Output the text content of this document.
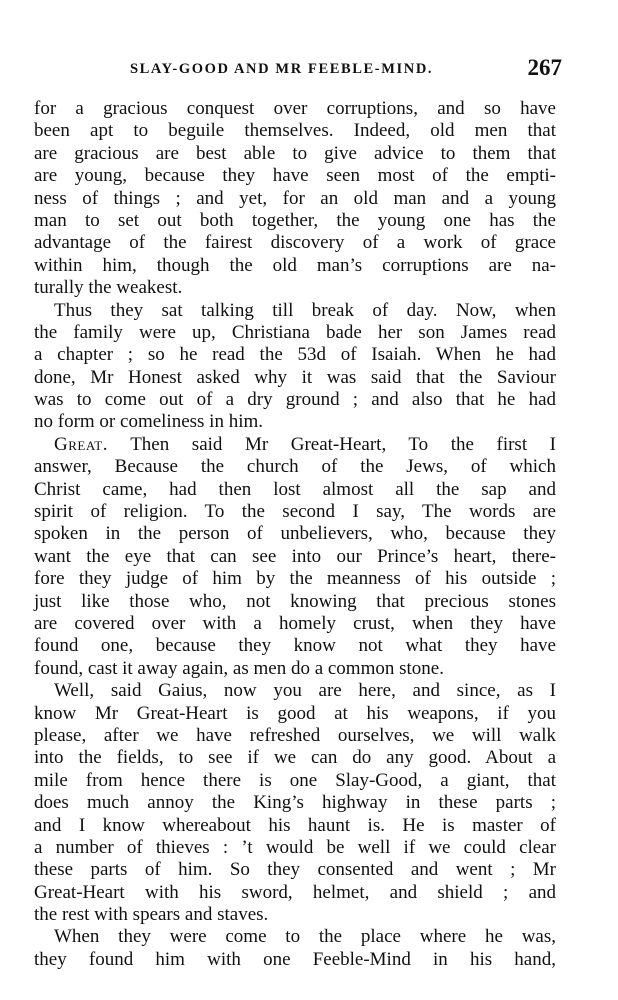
SLAY-GOOD AND MR FEEBLE-MIND.	267
for a gracious conquest over corruptions, and so have
been apt to beguile themselves. Indeed, old men that
are gracious are best able to give advice to them that
are young, because they have seen most of the empti-
ness of things ; and yet, for an old man and a young
man to set out both together, the young one has the
advantage of the fairest discovery of a work of grace
within him, though the old man’s corruptions are na-
turally the weakest.
Thus they sat talking till break of day. Now, when
the family were up, Christiana bade her son James read
a chapter ; so he read the 53d of Isaiah. When he had
done, Mr Honest asked why it was said that the Saviour
was to come out of a dry ground ; and also that he had
no form or comeliness in him.
Great. Then said Mr Great-Heart, To the first I
answer, Because the church of the Jews, of which
Christ came, had then lost almost all the sap and
spirit of religion. To the second I say, The words are
spoken in the person of unbelievers, who, because they
want the eye that can see into our Prince’s heart, there-
fore they judge of him by the meanness of his outside ;
just like those who, not knowing that precious stones
are covered over with a homely crust, when they have
found one, because they know not what they have
found, cast it away again, as men do a common stone.
Well, said Gaius, now you are here, and since, as I
know Mr Great-Heart is good at his weapons, if you
please, after we have refreshed ourselves, we will walk
into the fields, to see if we can do any good. About a
mile from hence there is one Slay-Good, a giant, that
does much annoy the King’s highway in these parts ;
and I know whereabout his haunt is. He is master of
a number of thieves : ’t would be well if we could clear
these parts of him. So they consented and went ; Mr
Great-Heart with his sword, helmet, and shield ; and
the rest with spears and staves.
When they were come to the place where he was,
they found him with one Feeble-Mind in his hand,
